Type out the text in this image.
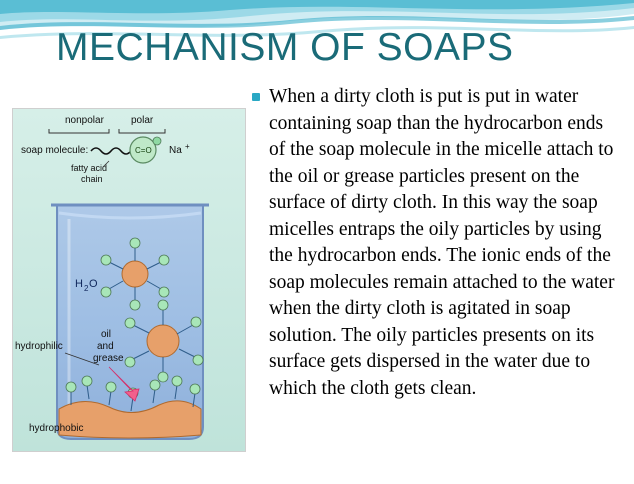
MECHANISM OF SOAPS
nonpolar	polar
soap molecule:	C=O Na +
fatty acid
chain
H 2 O
hydrophilic
hydrophobic
oil
and
grease
When a dirty cloth is put is put in water containing soap than the hydrocarbon ends of the soap molecule in the micelle attach to the oil or grease particles present on the surface of dirty cloth. In this way the soap micelles entraps the oily particles by using the hydrocarbon ends. The ionic ends of the soap molecules remain attached to the water when the dirty cloth is agitated in soap solution. The oily particles presents on its surface gets dispersed in the water due to which the cloth gets clean.
